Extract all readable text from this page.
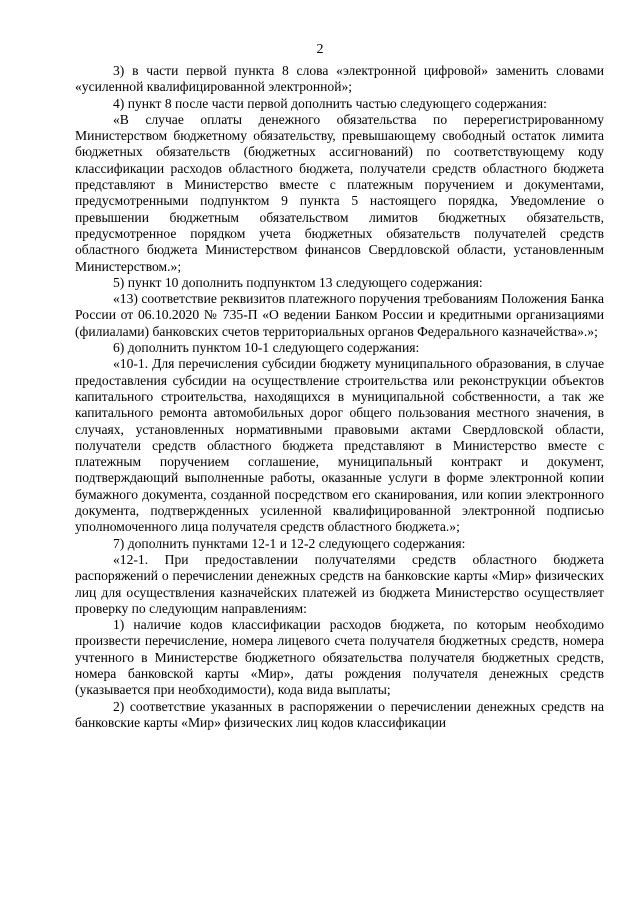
2

3) в части первой пункта 8 слова «электронной цифровой» заменить словами «усиленной квалифицированной электронной»;

4) пункт 8 после части первой дополнить частью следующего содержания:

«В случае оплаты денежного обязательства по перерегистрированному Министерством бюджетному обязательству, превышающему свободный остаток лимита бюджетных обязательств (бюджетных ассигнований) по соответствующему коду классификации расходов областного бюджета, получатели средств областного бюджета представляют в Министерство вместе с платежным поручением и документами, предусмотренными подпунктом 9 пункта 5 настоящего порядка, Уведомление о превышении бюджетным обязательством лимитов бюджетных обязательств, предусмотренное порядком учета бюджетных обязательств получателей средств областного бюджета Министерством финансов Свердловской области, установленным Министерством.»;

5) пункт 10 дополнить подпунктом 13 следующего содержания:

«13) соответствие реквизитов платежного поручения требованиям Положения Банка России от 06.10.2020 № 735-П «О ведении Банком России и кредитными организациями (филиалами) банковских счетов территориальных органов Федерального казначейства».»;

6) дополнить пунктом 10-1 следующего содержания:

«10-1. Для перечисления субсидии бюджету муниципального образования, в случае предоставления субсидии на осуществление строительства или реконструкции объектов капитального строительства, находящихся в муниципальной собственности, а так же капитального ремонта автомобильных дорог общего пользования местного значения, в случаях, установленных нормативными правовыми актами Свердловской области, получатели средств областного бюджета представляют в Министерство вместе с платежным поручением соглашение, муниципальный контракт и документ, подтверждающий выполненные работы, оказанные услуги в форме электронной копии бумажного документа, созданной посредством его сканирования, или копии электронного документа, подтвержденных усиленной квалифицированной электронной подписью уполномоченного лица получателя средств областного бюджета.»;

7) дополнить пунктами 12-1 и 12-2 следующего содержания:

«12-1. При предоставлении получателями средств областного бюджета распоряжений о перечислении денежных средств на банковские карты «Мир» физических лиц для осуществления казначейских платежей из бюджета Министерство осуществляет проверку по следующим направлениям:

1) наличие кодов классификации расходов бюджета, по которым необходимо произвести перечисление, номера лицевого счета получателя бюджетных средств, номера учтенного в Министерстве бюджетного обязательства получателя бюджетных средств, номера банковской карты «Мир», даты рождения получателя денежных средств (указывается при необходимости), кода вида выплаты;

2) соответствие указанных в распоряжении о перечислении денежных средств на банковские карты «Мир» физических лиц кодов классификации
